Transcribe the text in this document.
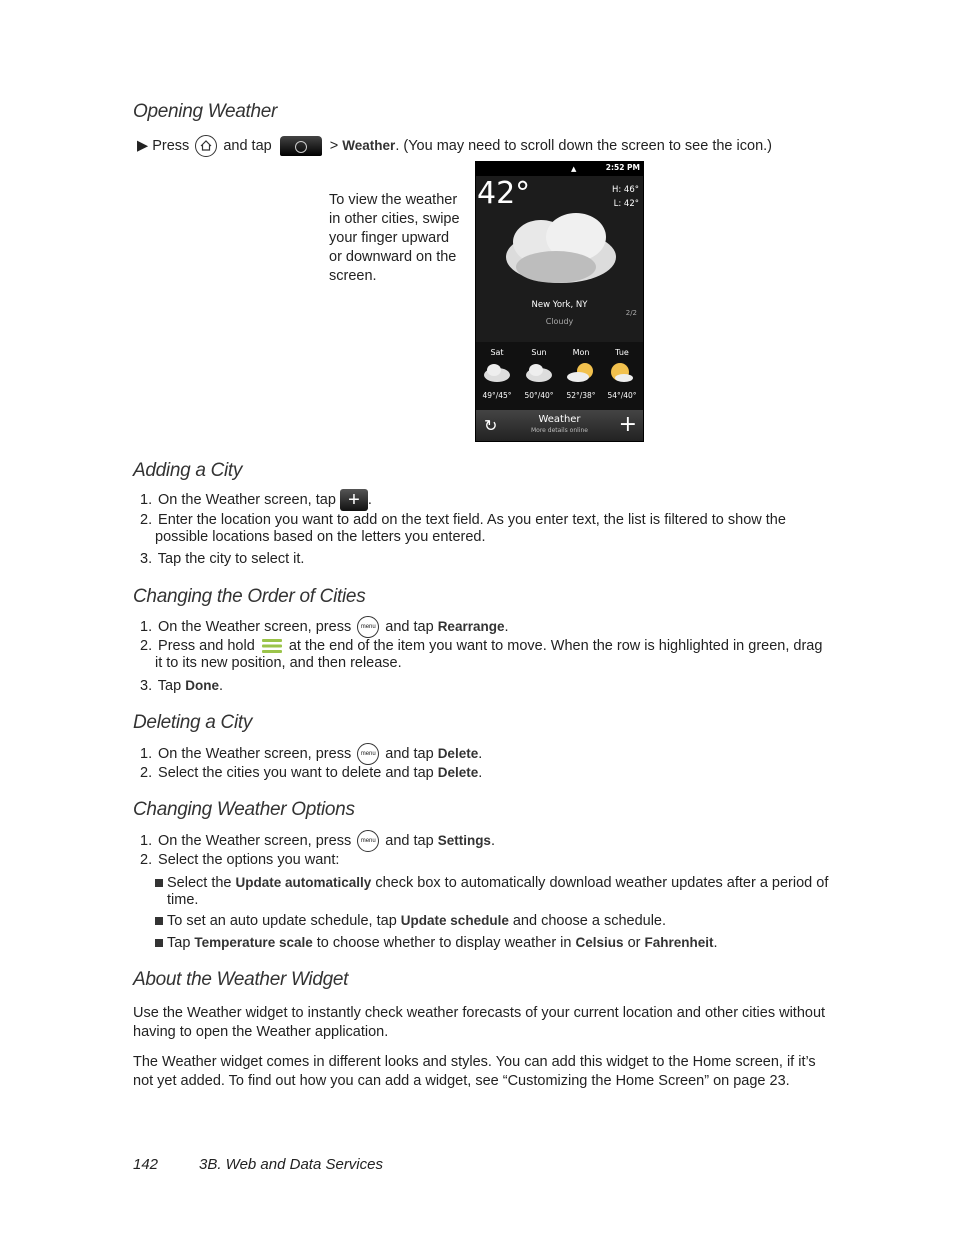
Opening Weather
▶ Press and tap	> Weather. (You may need to scroll down the screen to see the icon.)
To view the weather
in other cities, swipe
your finger upward
or downward on the
screen.
▲	2:52 PM
42°	H: 46°
L: 42°
New York, NY
Cloudy
2/2
Sat	Sun	Mon	Tue
49°/45°	50°/40°	52°/38°	54°/40°
↻	Weather
More details online	+
Adding a City
1. On the Weather screen, tap + .
2. Enter the location you want to add on the text field. As you enter text, the list is filtered to show the
possible locations based on the letters you entered.
3. Tap the city to select it.
Changing the Order of Cities
1. On the Weather screen, press menu and tap Rearrange.
2. Press and hold at the end of the item you want to move. When the row is highlighted in green, drag
it to its new position, and then release.
3. Tap Done.
Deleting a City
1. On the Weather screen, press menu and tap Delete.
2. Select the cities you want to delete and tap Delete.
Changing Weather Options
1. On the Weather screen, press menu and tap Settings.
2. Select the options you want:
Select the Update automatically check box to automatically download weather updates after a period of time.
To set an auto update schedule, tap Update schedule and choose a schedule.
Tap Temperature scale to choose whether to display weather in Celsius or Fahrenheit.
About the Weather Widget

Use the Weather widget to instantly check weather forecasts of your current location and other cities without having to open the Weather application.

The Weather widget comes in different looks and styles. You can add this widget to the Home screen, if it’s not yet added. To find out how you can add a widget, see “Customizing the Home Screen” on page 23.

142	3B. Web and Data Services
